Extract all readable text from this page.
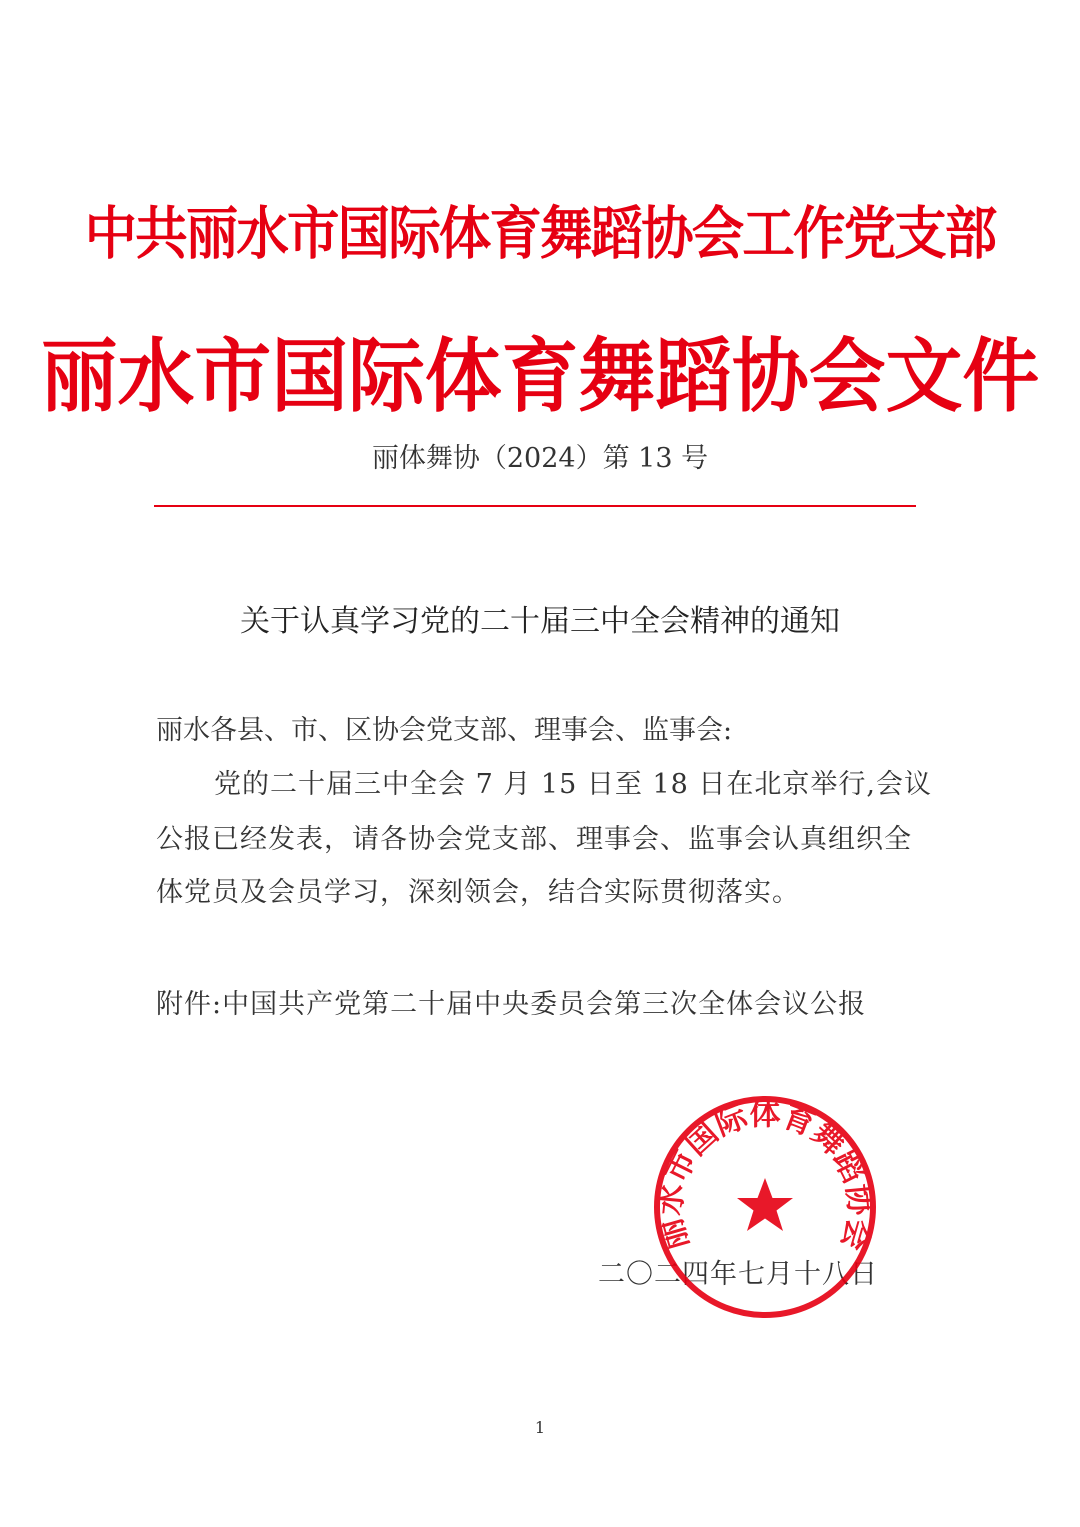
中共丽水市国际体育舞蹈协会工作党支部
丽水市国际体育舞蹈协会文件
丽体舞协（2024）第 13 号
关于认真学习党的二十届三中全会精神的通知
丽水各县、市、区协会党支部、理事会、监事会:
党的二十届三中全会 7 月 15 日至 18 日在北京举行,会议
公报已经发表，请各协会党支部、理事会、监事会认真组织全
体党员及会员学习，深刻领会，结合实际贯彻落实。
附件:中国共产党第二十届中央委员会第三次全体会议公报
二〇二四年七月十八日
丽水市国际体育舞蹈协会
1
